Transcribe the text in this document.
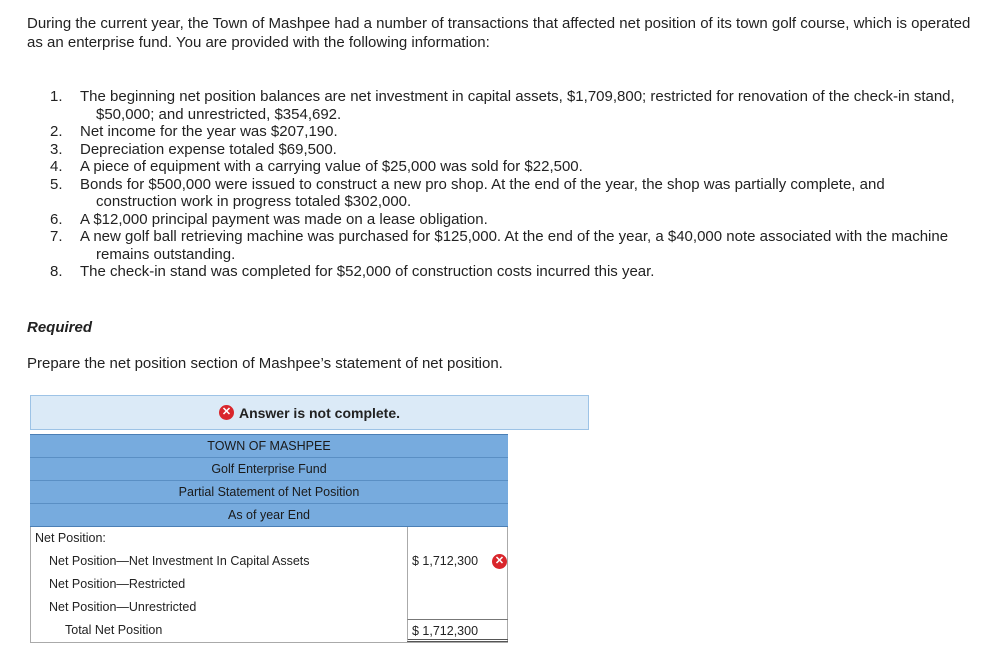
During the current year, the Town of Mashpee had a number of transactions that affected net position of its town golf course, which is operated as an enterprise fund. You are provided with the following information:
1.	The beginning net position balances are net investment in capital assets, $1,709,800; restricted for renovation of the check-in stand, $50,000; and unrestricted, $354,692.
2.	Net income for the year was $207,190.
3.	Depreciation expense totaled $69,500.
4.	A piece of equipment with a carrying value of $25,000 was sold for $22,500.
5.	Bonds for $500,000 were issued to construct a new pro shop. At the end of the year, the shop was partially complete, and construction work in progress totaled $302,000.
6.	A $12,000 principal payment was made on a lease obligation.
7.	A new golf ball retrieving machine was purchased for $125,000. At the end of the year, a $40,000 note associated with the machine remains outstanding.
8.	The check-in stand was completed for $52,000 of construction costs incurred this year.
Required
Prepare the net position section of Mashpee’s statement of net position.
✕ Answer is not complete.
TOWN OF MASHPEE
Golf Enterprise Fund
Partial Statement of Net Position
As of year End
Net Position:
Net Position—Net Investment In Capital Assets	$ 1,712,300 ✕
Net Position—Restricted
Net Position—Unrestricted
Total Net Position	$ 1,712,300
